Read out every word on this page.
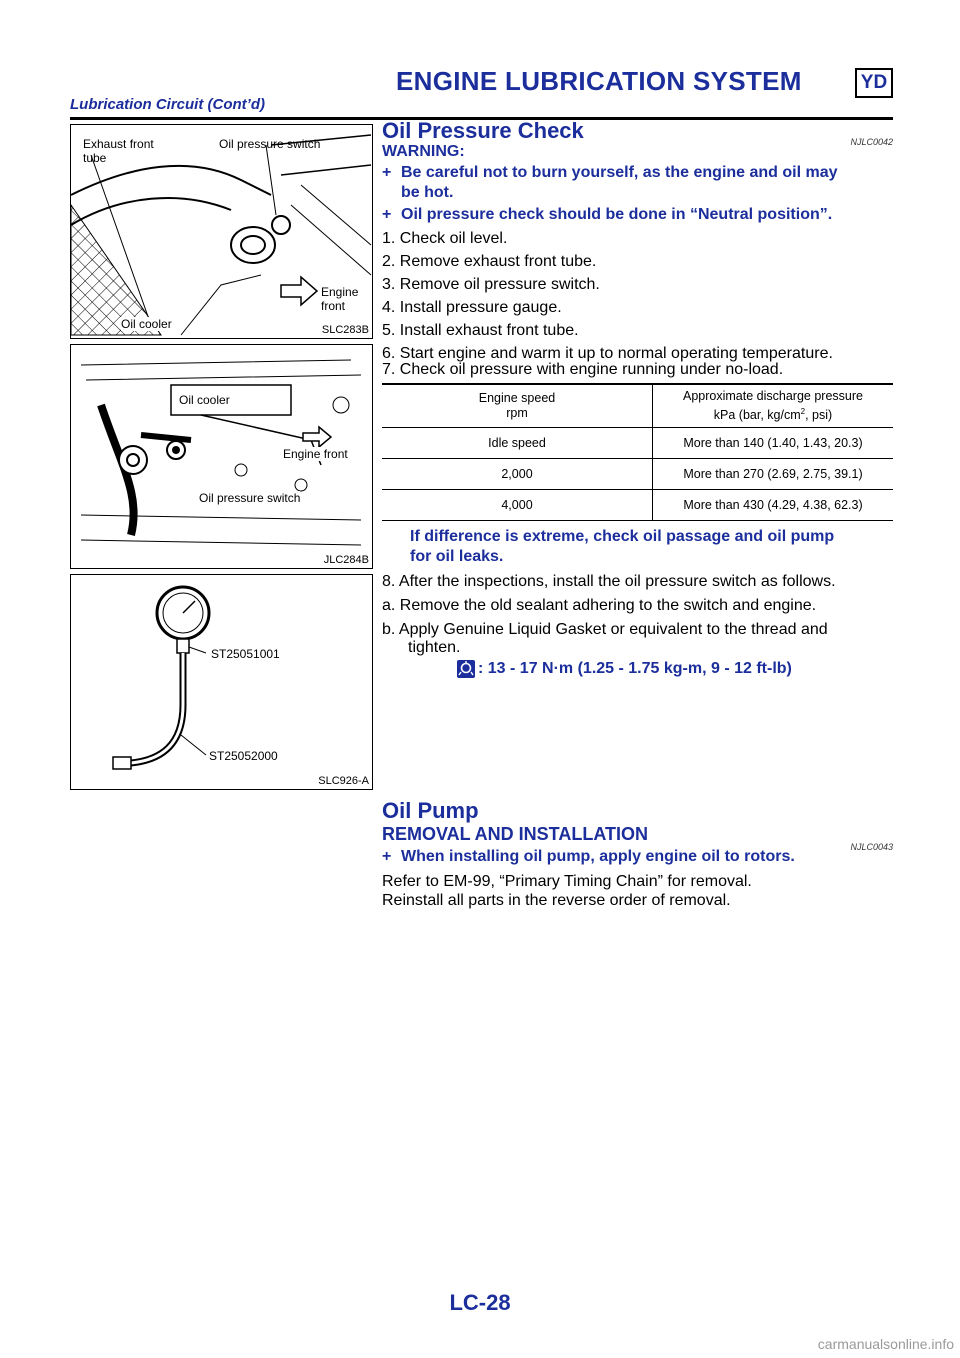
ENGINE LUBRICATION SYSTEM	YD
Lubrication Circuit (Cont’d)
Exhaust front
tube
Oil pressure switch
Engine
front
Oil cooler	SLC283B
Oil cooler
Engine front
Oil pressure switch
JLC284B
ST25051001
ST25052000
SLC926-A
Oil Pressure Check	NJLC0042
WARNING:
+ Be careful not to burn yourself, as the engine and oil may
be hot.
+ Oil pressure check should be done in “Neutral position”.
1. Check oil level.
2. Remove exhaust front tube.
3. Remove oil pressure switch.
4. Install pressure gauge.
5. Install exhaust front tube.
6. Start engine and warm it up to normal operating temperature.
7. Check oil pressure with engine running under no-load.
Engine speed
rpm	Approximate discharge pressure
kPa (bar, $kg/cm^2$, psi)
Idle speed	More than 140 (1.40, 1.43, 20.3)
2,000	More than 270 (2.69, 2.75, 39.1)
4,000	More than 430 (4.29, 4.38, 62.3)
If difference is extreme, check oil passage and oil pump
for oil leaks.
8. After the inspections, install the oil pressure switch as follows.
a. Remove the old sealant adhering to the switch and engine.
b. Apply Genuine Liquid Gasket or equivalent to the thread and
tighten.
: 13 - 17 N·m (1.25 - 1.75 kg-m, 9 - 12 ft-lb)
Oil Pump
REMOVAL AND INSTALLATION
NJLC0043
+ When installing oil pump, apply engine oil to rotors.
Refer to EM-99, “Primary Timing Chain” for removal.
Reinstall all parts in the reverse order of removal.
LC-28
carmanualsonline.info
